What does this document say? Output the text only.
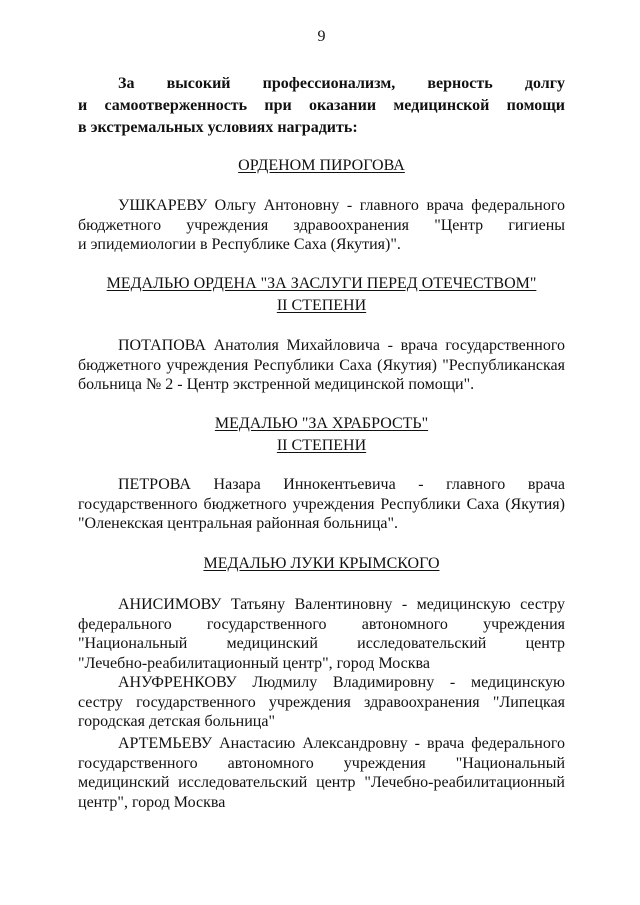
9
За высокий профессионализм, верность долгу
и самоотверженность при оказании медицинской помощи
в экстремальных условиях наградить:
ОРДЕНОМ ПИРОГОВА
УШКАРЕВУ Ольгу Антоновну - главного врача федерального
бюджетного учреждения здравоохранения "Центр гигиены
и эпидемиологии в Республике Саха (Якутия)".
МЕДАЛЬЮ ОРДЕНА "ЗА ЗАСЛУГИ ПЕРЕД ОТЕЧЕСТВОМ"
II СТЕПЕНИ
ПОТАПОВА Анатолия Михайловича - врача государственного
бюджетного учреждения Республики Саха (Якутия) "Республиканская
больница № 2 - Центр экстренной медицинской помощи".
МЕДАЛЬЮ "ЗА ХРАБРОСТЬ"
II СТЕПЕНИ
ПЕТРОВА Назара Иннокентьевича - главного врача
государственного бюджетного учреждения Республики Саха (Якутия)
"Оленекская центральная районная больница".
МЕДАЛЬЮ ЛУКИ КРЫМСКОГО
АНИСИМОВУ Татьяну Валентиновну - медицинскую сестру
федерального государственного автономного учреждения
"Национальный медицинский исследовательский центр
"Лечебно-реабилитационный центр", город Москва
АНУФРЕНКОВУ Людмилу Владимировну - медицинскую
сестру государственного учреждения здравоохранения "Липецкая
городская детская больница"
АРТЕМЬЕВУ Анастасию Александровну - врача федерального
государственного автономного учреждения "Национальный
медицинский исследовательский центр "Лечебно-реабилитационный
центр", город Москва
